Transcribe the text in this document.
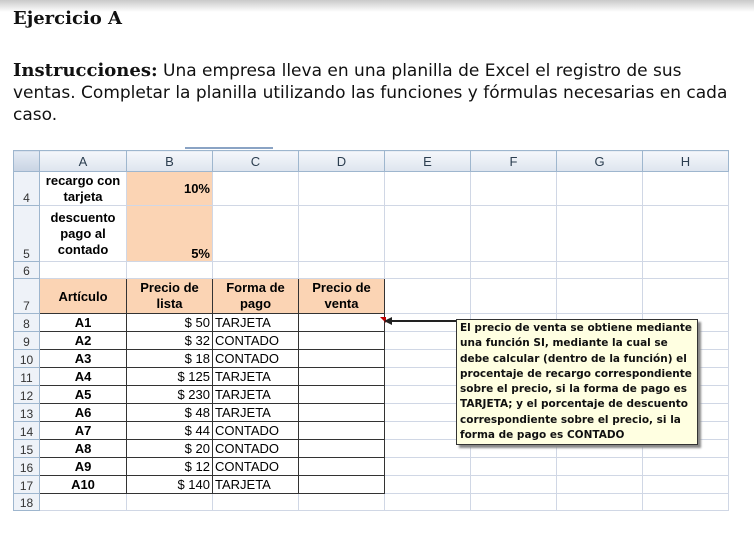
Ejercicio A
Instrucciones: Una empresa lleva en una planilla de Excel el registro de sus ventas. Completar la planilla utilizando las funciones y fórmulas necesarias en cada caso.
	A	B	C	D	E	F	G	H
4	recargo con tarjeta	10%						
5	descuento pago al contado	5%						
6								
7	Artículo	Precio de lista	Forma de pago	Precio de venta				
8	A1	$ 50	TARJETA					
9	A2	$ 32	CONTADO					
10	A3	$ 18	CONTADO					
11	A4	$ 125	TARJETA					
12	A5	$ 230	TARJETA					
13	A6	$ 48	TARJETA					
14	A7	$ 44	CONTADO					
15	A8	$ 20	CONTADO					
16	A9	$ 12	CONTADO					
17	A10	$ 140	TARJETA					
18								
El precio de venta se obtiene mediante una función SI, mediante la cual se debe calcular (dentro de la función) el procentaje de recargo correspondiente sobre el precio, si la forma de pago es TARJETA; y el porcentaje de descuento correspondiente sobre el precio, si la forma de pago es CONTADO
